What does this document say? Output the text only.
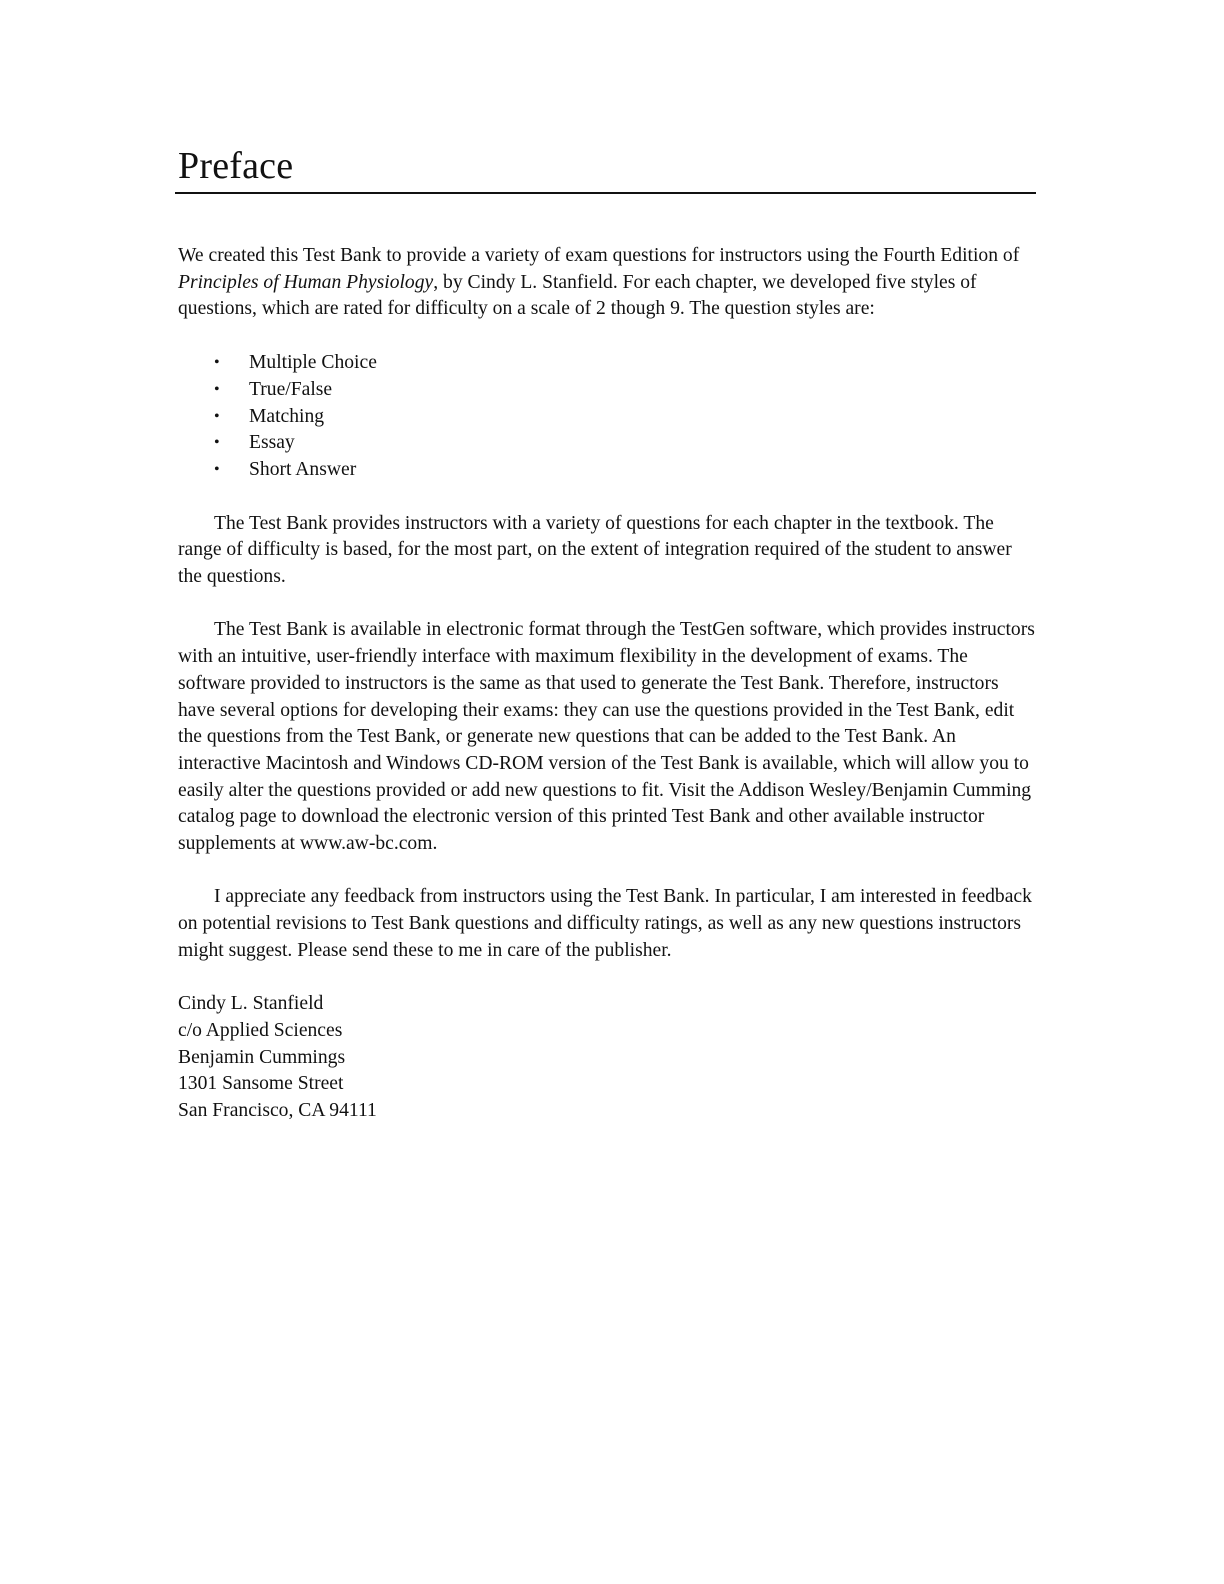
Preface

We created this Test Bank to provide a variety of exam questions for instructors using the Fourth Edition of Principles of Human Physiology, by Cindy L. Stanfield. For each chapter, we developed five styles of questions, which are rated for difficulty on a scale of 2 though 9. The question styles are:

• Multiple Choice
• True/False
• Matching
• Essay
• Short Answer

The Test Bank provides instructors with a variety of questions for each chapter in the textbook. The range of difficulty is based, for the most part, on the extent of integration required of the student to answer the questions.

The Test Bank is available in electronic format through the TestGen software, which provides instructors with an intuitive, user-friendly interface with maximum flexibility in the development of exams. The software provided to instructors is the same as that used to generate the Test Bank. Therefore, instructors have several options for developing their exams: they can use the questions provided in the Test Bank, edit the questions from the Test Bank, or generate new questions that can be added to the Test Bank. An interactive Macintosh and Windows CD-ROM version of the Test Bank is available, which will allow you to easily alter the questions provided or add new questions to fit. Visit the Addison Wesley/Benjamin Cumming catalog page to download the electronic version of this printed Test Bank and other available instructor supplements at www.aw-bc.com.

I appreciate any feedback from instructors using the Test Bank. In particular, I am interested in feedback on potential revisions to Test Bank questions and difficulty ratings, as well as any new questions instructors might suggest. Please send these to me in care of the publisher.

Cindy L. Stanfield

c/o Applied Sciences

Benjamin Cummings

1301 Sansome Street

San Francisco, CA 94111
